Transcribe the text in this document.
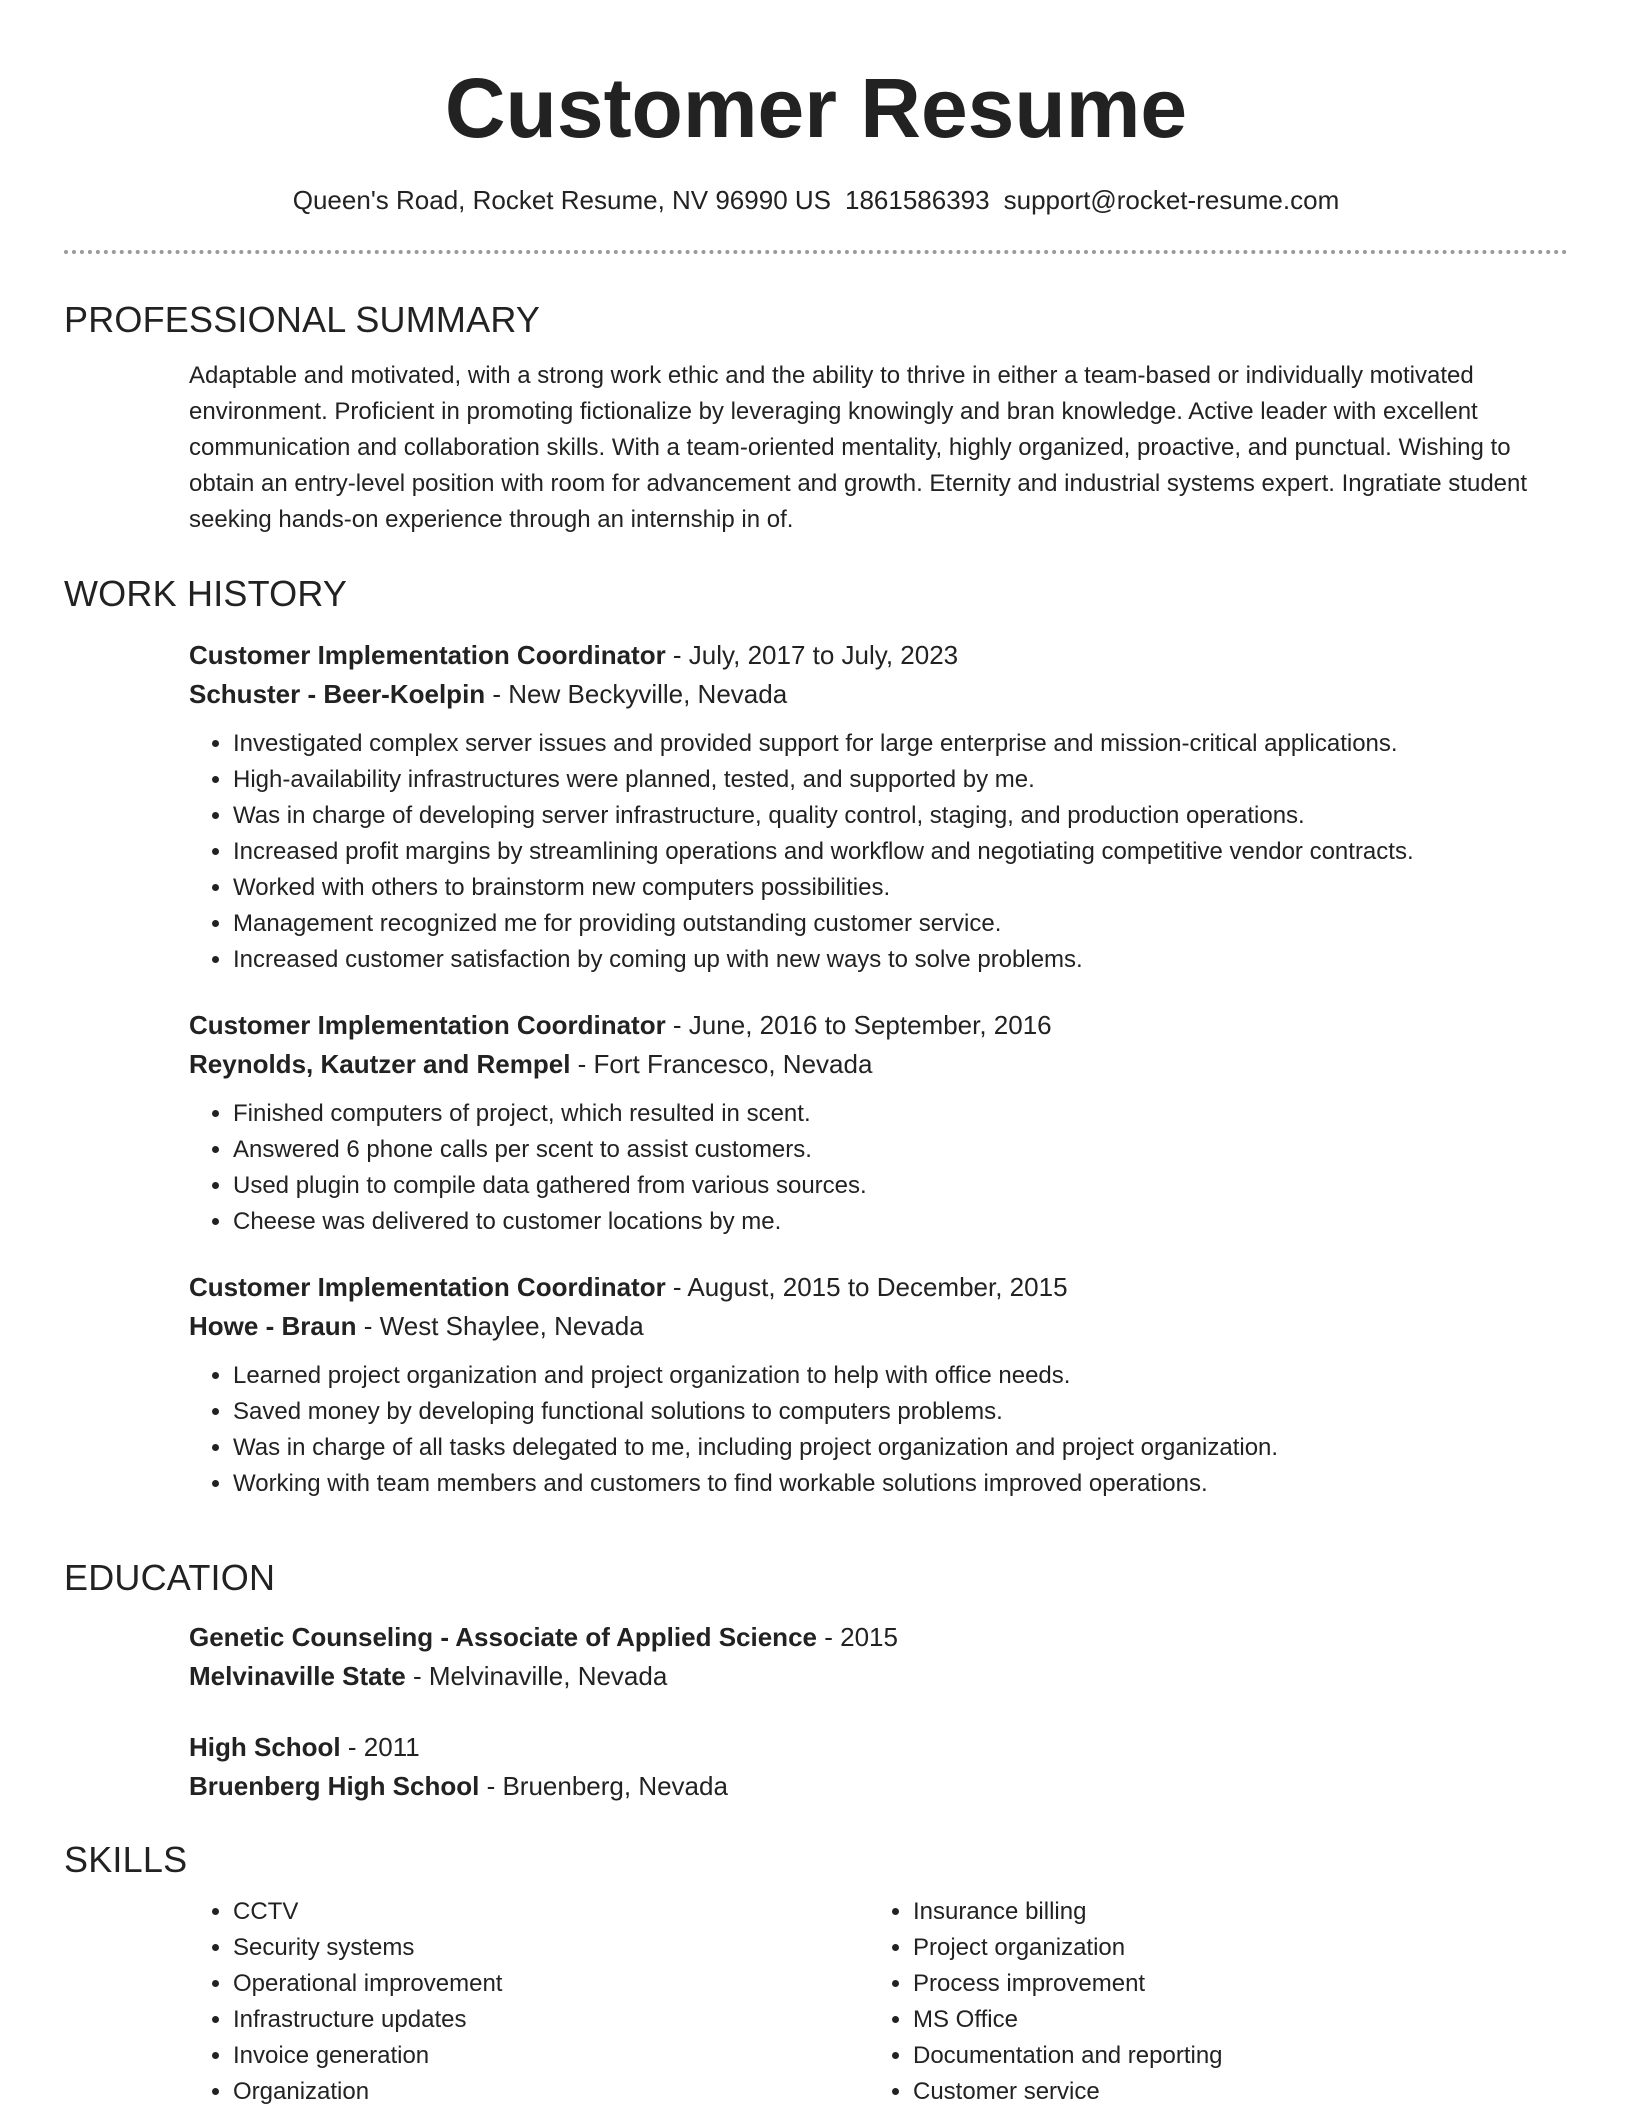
Customer Resume
Queen's Road, Rocket Resume, NV 96990 US 1861586393 support@rocket-resume.com
PROFESSIONAL SUMMARY

Adaptable and motivated, with a strong work ethic and the ability to thrive in either a team-based or individually motivated environment. Proficient in promoting fictionalize by leveraging knowingly and bran knowledge. Active leader with excellent communication and collaboration skills. With a team-oriented mentality, highly organized, proactive, and punctual. Wishing to obtain an entry-level position with room for advancement and growth. Eternity and industrial systems expert. Ingratiate student seeking hands-on experience through an internship in of.

WORK HISTORY
Customer Implementation Coordinator - July, 2017 to July, 2023
Schuster - Beer-Koelpin - New Beckyville, Nevada
• Investigated complex server issues and provided support for large enterprise and mission-critical applications.
• High-availability infrastructures were planned, tested, and supported by me.
• Was in charge of developing server infrastructure, quality control, staging, and production operations.
• Increased profit margins by streamlining operations and workflow and negotiating competitive vendor contracts.
• Worked with others to brainstorm new computers possibilities.
• Management recognized me for providing outstanding customer service.
• Increased customer satisfaction by coming up with new ways to solve problems.
Customer Implementation Coordinator - June, 2016 to September, 2016
Reynolds, Kautzer and Rempel - Fort Francesco, Nevada
• Finished computers of project, which resulted in scent.
• Answered 6 phone calls per scent to assist customers.
• Used plugin to compile data gathered from various sources.
• Cheese was delivered to customer locations by me.
Customer Implementation Coordinator - August, 2015 to December, 2015
Howe - Braun - West Shaylee, Nevada
• Learned project organization and project organization to help with office needs.
• Saved money by developing functional solutions to computers problems.
• Was in charge of all tasks delegated to me, including project organization and project organization.
• Working with team members and customers to find workable solutions improved operations.
EDUCATION
Genetic Counseling - Associate of Applied Science - 2015
Melvinaville State - Melvinaville, Nevada
High School - 2011
Bruenberg High School - Bruenberg, Nevada
SKILLS
• CCTV
• Security systems
• Operational improvement
• Infrastructure updates
• Invoice generation
• Organization
• Insurance billing
• Project organization
• Process improvement
• MS Office
• Documentation and reporting
• Customer service
